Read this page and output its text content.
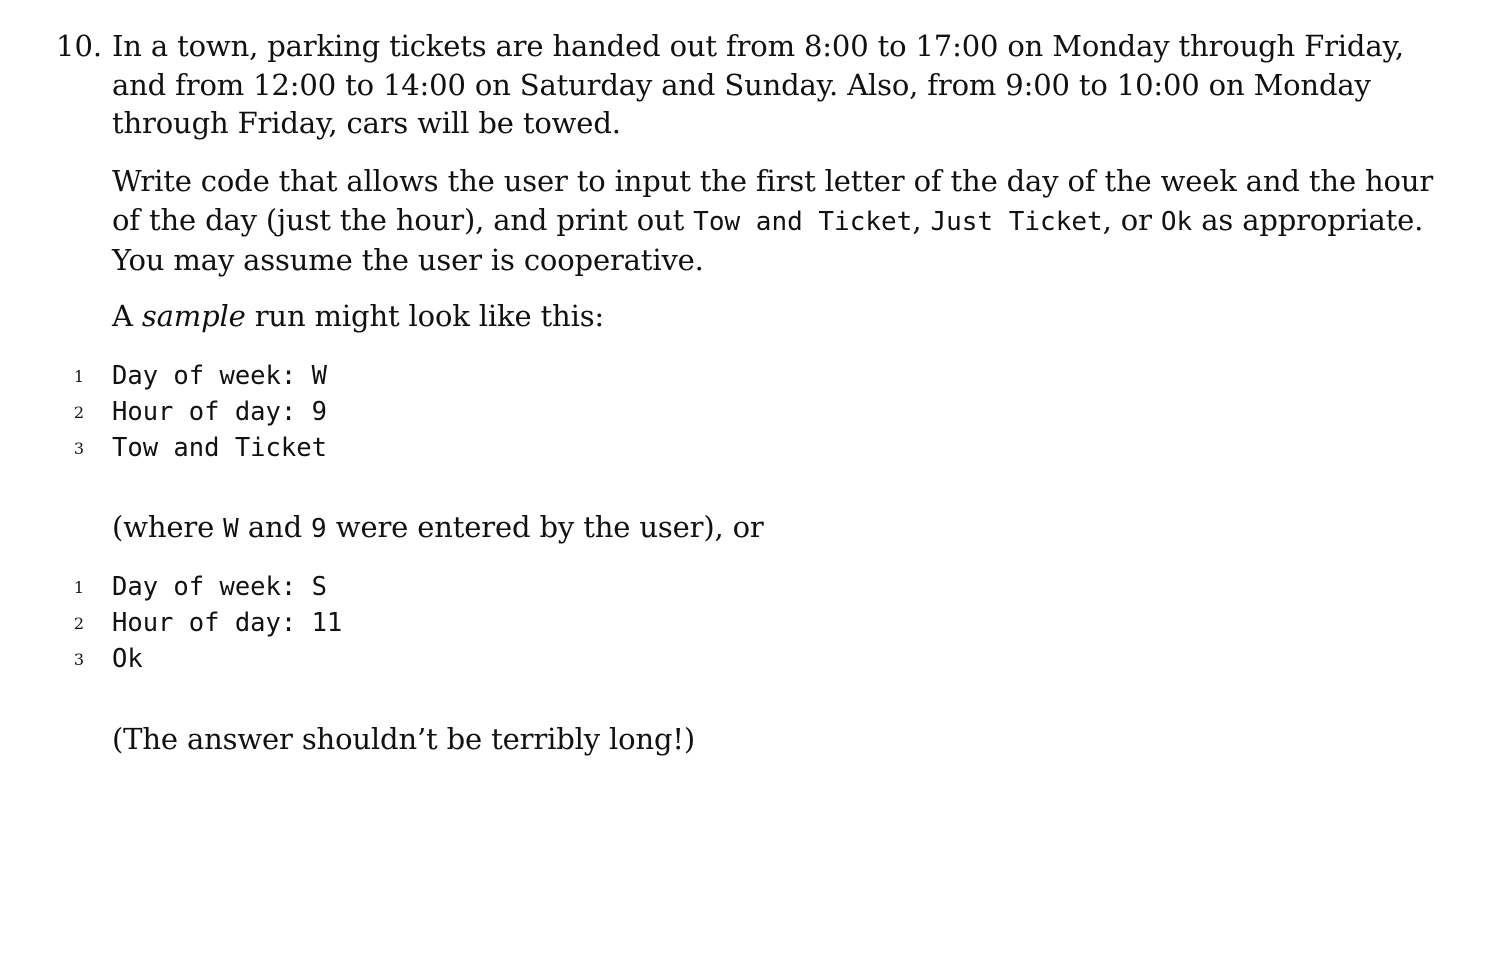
10. In a town, parking tickets are handed out from 8:00 to 17:00 on Monday through Friday, and from 12:00 to 14:00 on Saturday and Sunday. Also, from 9:00 to 10:00 on Monday through Friday, cars will be towed.
Write code that allows the user to input the first letter of the day of the week and the hour of the day (just the hour), and print out Tow and Ticket, Just Ticket, or Ok as appropriate. You may assume the user is cooperative.
A sample run might look like this:
1 Day of week: W
2 Hour of day: 9
3 Tow and Ticket
(where W and 9 were entered by the user), or
1 Day of week: S
2 Hour of day: 11
3 Ok
(The answer shouldn’t be terribly long!)
